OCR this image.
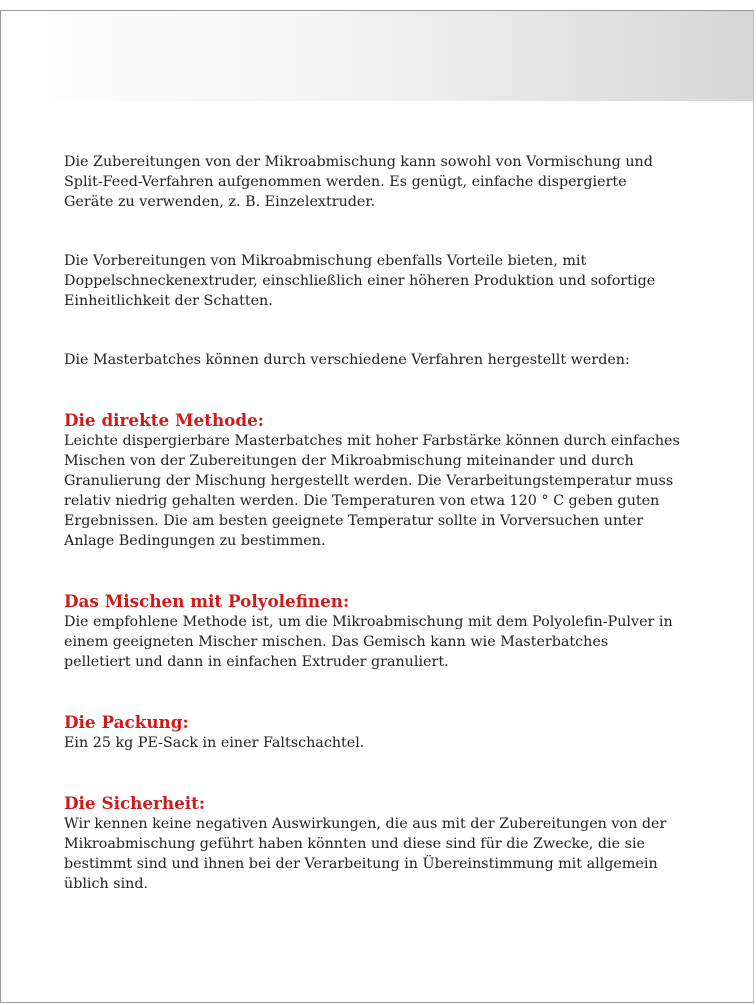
Die Zubereitungen von der Mikroabmischung kann sowohl von Vormischung und
Split-Feed-Verfahren aufgenommen werden. Es genügt, einfache dispergierte
Geräte zu verwenden, z. B. Einzelextruder.

Die Vorbereitungen von Mikroabmischung ebenfalls Vorteile bieten, mit
Doppelschneckenextruder, einschließlich einer höheren Produktion und sofortige
Einheitlichkeit der Schatten.

Die Masterbatches können durch verschiedene Verfahren hergestellt werden:

Die direkte Methode:

Leichte dispergierbare Masterbatches mit hoher Farbstärke können durch einfaches
Mischen von der Zubereitungen der Mikroabmischung miteinander und durch
Granulierung der Mischung hergestellt werden. Die Verarbeitungstemperatur muss
relativ niedrig gehalten werden. Die Temperaturen von etwa 120 ° C geben guten
Ergebnissen. Die am besten geeignete Temperatur sollte in Vorversuchen unter
Anlage Bedingungen zu bestimmen.

Das Mischen mit Polyolefinen:

Die empfohlene Methode ist, um die Mikroabmischung mit dem Polyolefin-Pulver in
einem geeigneten Mischer mischen. Das Gemisch kann wie Masterbatches
pelletiert und dann in einfachen Extruder granuliert.

Die Packung:

Ein 25 kg PE-Sack in einer Faltschachtel.

Die Sicherheit:

Wir kennen keine negativen Auswirkungen, die aus mit der Zubereitungen von der
Mikroabmischung geführt haben könnten und diese sind für die Zwecke, die sie
bestimmt sind und ihnen bei der Verarbeitung in Übereinstimmung mit allgemein
üblich sind.
